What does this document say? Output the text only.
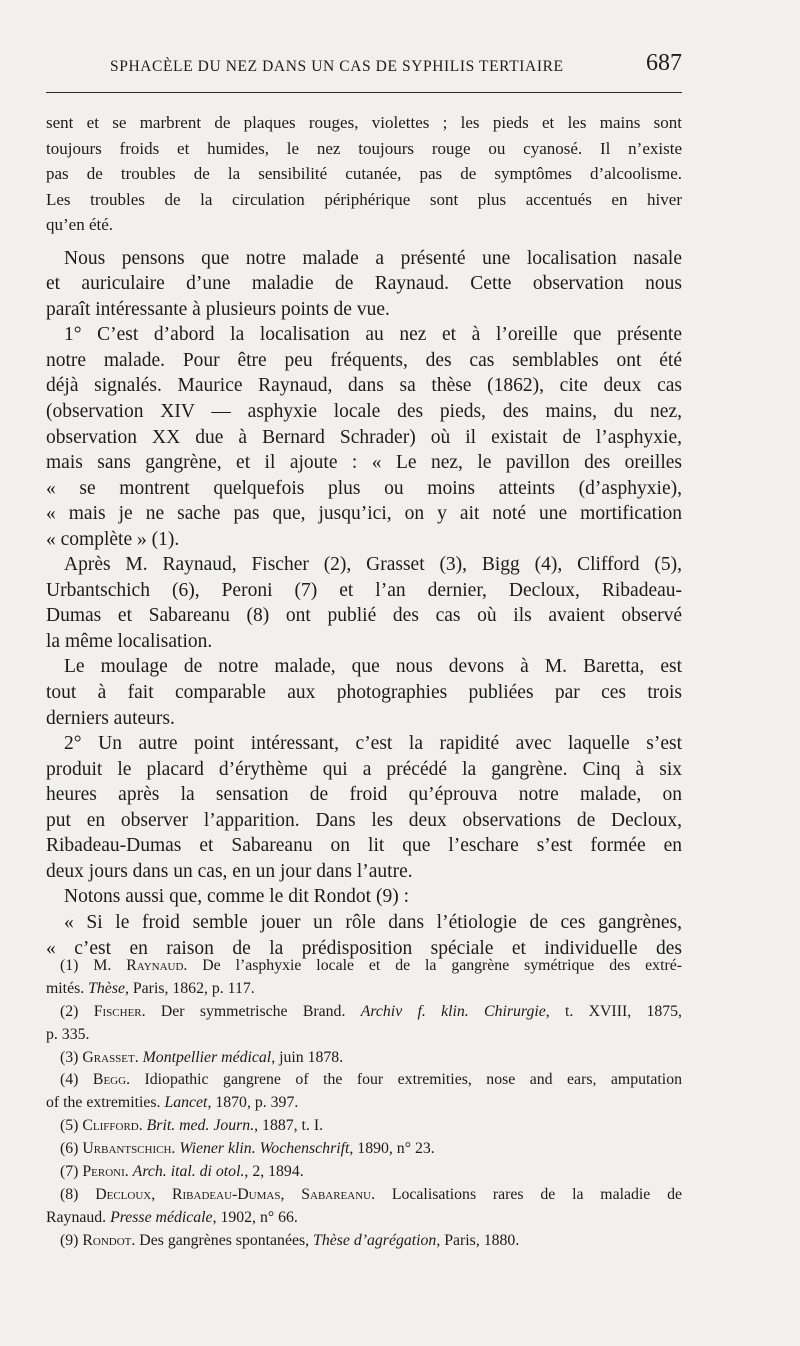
SPHACÈLE DU NEZ DANS UN CAS DE SYPHILIS TERTIAIRE	687
sent et se marbrent de plaques rouges, violettes ; les pieds et les mains sont
toujours froids et humides, le nez toujours rouge ou cyanosé. Il n’existe
pas de troubles de la sensibilité cutanée, pas de symptômes d’alcoolisme.
Les troubles de la circulation périphérique sont plus accentués en hiver
qu’en été.
Nous pensons que notre malade a présenté une localisation nasale
et auriculaire d’une maladie de Raynaud. Cette observation nous
paraît intéressante à plusieurs points de vue.
1° C’est d’abord la localisation au nez et à l’oreille que présente
notre malade. Pour être peu fréquents, des cas semblables ont été
déjà signalés. Maurice Raynaud, dans sa thèse (1862), cite deux cas
(observation XIV — asphyxie locale des pieds, des mains, du nez,
observation XX due à Bernard Schrader) où il existait de l’asphyxie,
mais sans gangrène, et il ajoute : « Le nez, le pavillon des oreilles
« se montrent quelquefois plus ou moins atteints (d’asphyxie),
« mais je ne sache pas que, jusqu’ici, on y ait noté une mortification
« complète » (1).
Après M. Raynaud, Fischer (2), Grasset (3), Bigg (4), Clifford (5),
Urbantschich (6), Peroni (7) et l’an dernier, Decloux, Ribadeau-
Dumas et Sabareanu (8) ont publié des cas où ils avaient observé
la même localisation.
Le moulage de notre malade, que nous devons à M. Baretta, est
tout à fait comparable aux photographies publiées par ces trois
derniers auteurs.
2° Un autre point intéressant, c’est la rapidité avec laquelle s’est
produit le placard d’érythème qui a précédé la gangrène. Cinq à six
heures après la sensation de froid qu’éprouva notre malade, on
put en observer l’apparition. Dans les deux observations de Decloux,
Ribadeau-Dumas et Sabareanu on lit que l’eschare s’est formée en
deux jours dans un cas, en un jour dans l’autre.
Notons aussi que, comme le dit Rondot (9) :
« Si le froid semble jouer un rôle dans l’étiologie de ces gangrènes,
« c’est en raison de la prédisposition spéciale et individuelle des
(1) M. Raynaud. De l’asphyxie locale et de la gangrène symétrique des extré-
mités. Thèse, Paris, 1862, p. 117.
(2) Fischer. Der symmetrische Brand. Archiv f. klin. Chirurgie, t. XVIII, 1875,
p. 335.
(3) Grasset. Montpellier médical, juin 1878.
(4) Begg. Idiopathic gangrene of the four extremities, nose and ears, amputation
of the extremities. Lancet, 1870, p. 397.
(5) Clifford. Brit. med. Journ., 1887, t. I.
(6) Urbantschich. Wiener klin. Wochenschrift, 1890, n° 23.
(7) Peroni. Arch. ital. di otol., 2, 1894.
(8) Decloux, Ribadeau-Dumas, Sabareanu. Localisations rares de la maladie de
Raynaud. Presse médicale, 1902, n° 66.
(9) Rondot. Des gangrènes spontanées, Thèse d’agrégation, Paris, 1880.
